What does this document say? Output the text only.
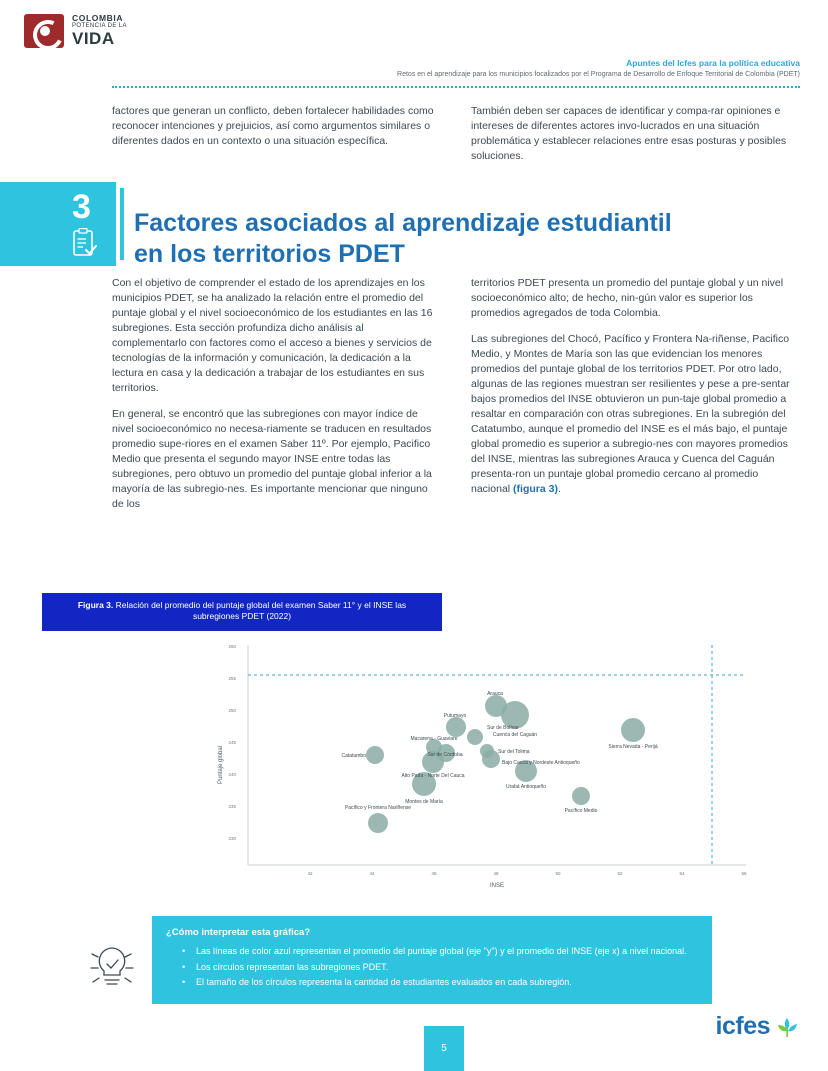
COLOMBIA
POTENCIA DE LA
VIDA
Apuntes del Icfes para la política educativa
Retos en el aprendizaje para los municipios focalizados por el Programa de Desarrollo de Enfoque Territorial de Colombia (PDET)
factores que generan un conflicto, deben fortalecer habilidades como reconocer intenciones y prejuicios, así como argumentos similares o diferentes dados en un contexto o una situación específica.
También deben ser capaces de identificar y compa-rar opiniones e intereses de diferentes actores invo-lucrados en una situación problemática y establecer relaciones entre esas posturas y posibles soluciones.
3 Factores asociados al aprendizaje estudiantil en los territorios PDET

Con el objetivo de comprender el estado de los aprendizajes en los municipios PDET, se ha analizado la relación entre el promedio del puntaje global y el nivel socioeconómico de los estudiantes en las 16 subregiones. Esta sección profundiza dicho análisis al complementarlo con factores como el acceso a bienes y servicios de tecnologías de la información y comunicación, la dedicación a la lectura en casa y la dedicación a trabajar de los estudiantes en sus territorios.

En general, se encontró que las subregiones con mayor índice de nivel socioeconómico no necesa-riamente se traducen en resultados promedio supe-riores en el examen Saber 11º. Por ejemplo, Pacifico Medio que presenta el segundo mayor INSE entre todas las subregiones, pero obtuvo un promedio del puntaje global inferior a la mayoría de las subregio-nes. Es importante mencionar que ninguno de los

territorios PDET presenta un promedio del puntaje global y un nivel socioeconómico alto; de hecho, nin-gún valor es superior los promedios agregados de toda Colombia.

Las subregiones del Chocó, Pacífico y Frontera Na-riñense, Pacifico Medio, y Montes de María son las que evidencian los menores promedios del puntaje global de los territorios PDET. Por otro lado, algunas de las regiones muestran ser resilientes y pese a pre-sentar bajos promedios del INSE obtuvieron un pun-taje global promedio a resaltar en comparación con otras subregiones. En la subregión del Catatumbo, aunque el promedio del INSE es el más bajo, el puntaje global promedio es superior a subregio-nes con mayores promedios del INSE, mientras las subregiones Arauca y Cuenca del Caguán presenta-ron un puntaje global promedio cercano al promedio nacional (figura 3).

Figura 3. Relación del promedio del puntaje global del examen Saber 11° y el INSE las subregiones PDET (2022)
260
255
250
245
240
235
230
42	44	46	48	50	52	54	56
Puntaje global
INSE
Arauca
Cuenca del Caguán
Putumayo
Sierra Nevada - Perijá
Sur de Bolívar
Macarena - Guaviare
Sur de Córdoba	Sur del Tolima
Catatumbo
Alto Patía - Norte Del Cauca
Bajo Cauca y Nordeste Antioqueño
Urabá Antioqueño
Montes de María
Pacífico Medio
Pacífico y Frontera Nariñense
¿Cómo interpretar esta gráfica?
• Las líneas de color azul representan el promedio del puntaje global (eje "y") y el promedio del INSE (eje x) a nivel nacional.
• Los círculos representan las subregiones PDET.
• El tamaño de los círculos representa la cantidad de estudiantes evaluados en cada subregión.
5
icfes
